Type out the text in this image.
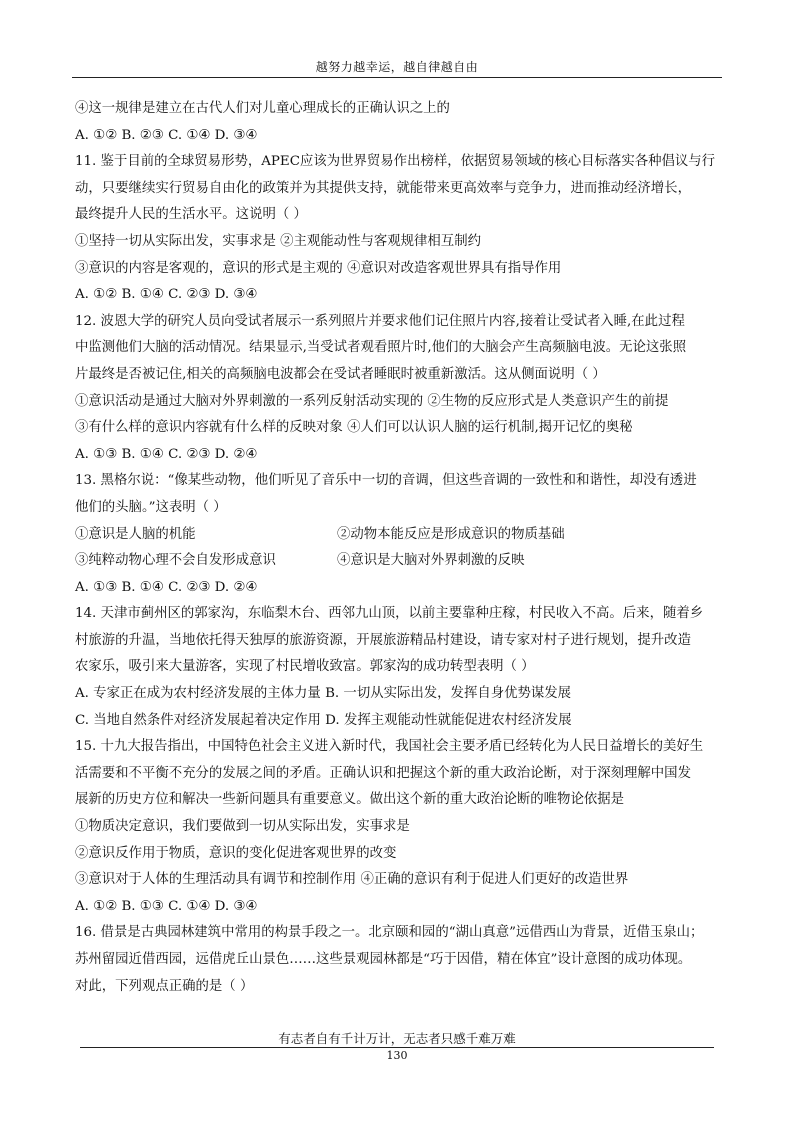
越努力越幸运，越自律越自由
④这一规律是建立在古代人们对儿童心理成长的正确认识之上的
A. ①② B. ②③ C. ①④ D. ③④
11. 鉴于目前的全球贸易形势，APEC应该为世界贸易作出榜样，依据贸易领域的核心目标落实各种倡议与行
动，只要继续实行贸易自由化的政策并为其提供支持，就能带来更高效率与竞争力，进而推动经济增长，
最终提升人民的生活水平。这说明（ ）
①坚持一切从实际出发，实事求是 ②主观能动性与客观规律相互制约
③意识的内容是客观的，意识的形式是主观的 ④意识对改造客观世界具有指导作用
A. ①② B. ①④ C. ②③ D. ③④
12. 波恩大学的研究人员向受试者展示一系列照片并要求他们记住照片内容,接着让受试者入睡,在此过程
中监测他们大脑的活动情况。结果显示,当受试者观看照片时,他们的大脑会产生高频脑电波。无论这张照
片最终是否被记住,相关的高频脑电波都会在受试者睡眠时被重新激活。这从侧面说明（ ）
①意识活动是通过大脑对外界刺激的一系列反射活动实现的 ②生物的反应形式是人类意识产生的前提
③有什么样的意识内容就有什么样的反映对象 ④人们可以认识人脑的运行机制,揭开记忆的奥秘
A. ①③ B. ①④ C. ②③ D. ②④
13. 黑格尔说：“像某些动物，他们听见了音乐中一切的音调，但这些音调的一致性和和谐性，却没有透进
他们的头脑。”这表明（ ）
①意识是人脑的机能	②动物本能反应是形成意识的物质基础
③纯粹动物心理不会自发形成意识	④意识是大脑对外界刺激的反映
A. ①③ B. ①④ C. ②③ D. ②④
14. 天津市蓟州区的郭家沟，东临梨木台、西邻九山顶，以前主要靠种庄稼，村民收入不高。后来，随着乡
村旅游的升温，当地依托得天独厚的旅游资源，开展旅游精品村建设，请专家对村子进行规划，提升改造
农家乐，吸引来大量游客，实现了村民增收致富。郭家沟的成功转型表明（ ）
A. 专家正在成为农村经济发展的主体力量 B. 一切从实际出发，发挥自身优势谋发展
C. 当地自然条件对经济发展起着决定作用 D. 发挥主观能动性就能促进农村经济发展
15. 十九大报告指出，中国特色社会主义进入新时代，我国社会主要矛盾已经转化为人民日益增长的美好生
活需要和不平衡不充分的发展之间的矛盾。正确认识和把握这个新的重大政治论断，对于深刻理解中国发
展新的历史方位和解决一些新问题具有重要意义。做出这个新的重大政治论断的唯物论依据是
①物质决定意识，我们要做到一切从实际出发，实事求是
②意识反作用于物质，意识的变化促进客观世界的改变
③意识对于人体的生理活动具有调节和控制作用 ④正确的意识有利于促进人们更好的改造世界
A. ①② B. ①③ C. ①④ D. ③④
16. 借景是古典园林建筑中常用的构景手段之一。北京颐和园的“湖山真意”远借西山为背景，近借玉泉山；
苏州留园近借西园，远借虎丘山景色……这些景观园林都是“巧于因借，精在体宜”设计意图的成功体现。
对此，下列观点正确的是（ ）
有志者自有千计万计，无志者只感千难万难
130
